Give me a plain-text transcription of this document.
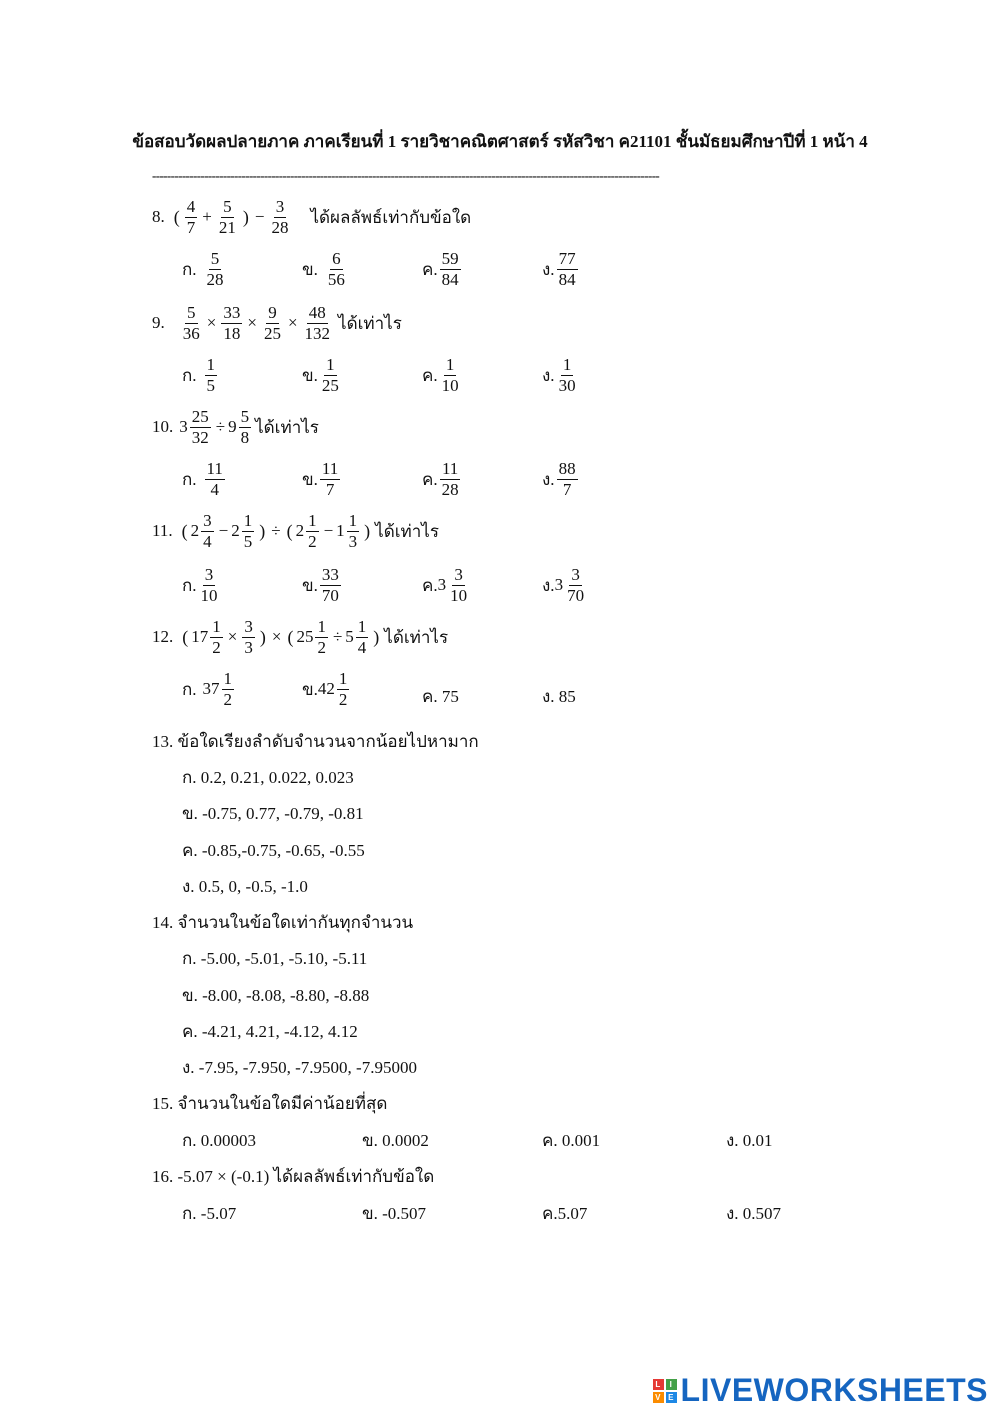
ข้อสอบวัดผลปลายภาค ภาคเรียนที่ 1 รายวิชาคณิตศาสตร์ รหัสวิชา ค21101 ชั้นมัธยมศึกษาปีที่ 1 หน้า 4
----------------------------------------------------------------------------------------------------------------------------------------
8. ( $\frac{4}{7} + \frac{5}{21}$ ) − $\frac{3}{28}$ ได้ผลลัพธ์เท่ากับข้อใด
ก. $\frac{5}{28}$	ข. $\frac{6}{56}$	ค. $\frac{59}{84}$	ง. $\frac{77}{84}$
9. $\frac{5}{36} \times \frac{33}{18} \times \frac{9}{25} \times \frac{48}{132}$ ได้เท่าไร
ก. $\frac{1}{5}$	ข. $\frac{1}{25}$	ค. $\frac{1}{10}$	ง. $\frac{1}{30}$
10. $3 \frac{25}{32} \div 9 \frac{5}{8}$ ได้เท่าไร
ก. $\frac{11}{4}$	ข. $\frac{11}{7}$	ค. $\frac{11}{28}$	ง. $\frac{88}{7}$
11. ( $2 \frac{3}{4} - 2 \frac{1}{5}$ ) ÷ ( $2 \frac{1}{2} - 1 \frac{1}{3}$ ) ได้เท่าไร
ก. $\frac{3}{10}$	ข. $\frac{33}{70}$	ค. $3 \frac{3}{10}$	ง. $3 \frac{3}{70}$
12. ( $17 \frac{1}{2} \times \frac{3}{3}$ ) × ( $25 \frac{1}{2} \div 5 \frac{1}{4}$ ) ได้เท่าไร
ก. $37 \frac{1}{2}$	ข. $42 \frac{1}{2}$	ค. 75	ง. 85
13. ข้อใดเรียงลำดับจำนวนจากน้อยไปหามาก
ก. 0.2, 0.21, 0.022, 0.023
ข. -0.75, 0.77, -0.79, -0.81
ค. -0.85,-0.75, -0.65, -0.55
ง. 0.5, 0, -0.5, -1.0
14. จำนวนในข้อใดเท่ากันทุกจำนวน
ก. -5.00, -5.01, -5.10, -5.11
ข. -8.00, -8.08, -8.80, -8.88
ค. -4.21, 4.21, -4.12, 4.12
ง. -7.95, -7.950, -7.9500, -7.95000
15. จำนวนในข้อใดมีค่าน้อยที่สุด
ก. 0.00003	ข. 0.0002	ค. 0.001	ง. 0.01
16. -5.07 × (-0.1) ได้ผลลัพธ์เท่ากับข้อใด
ก. -5.07	ข. -0.507	ค.5.07	ง. 0.507
L	I
V E LIVEWORKSHEETS
